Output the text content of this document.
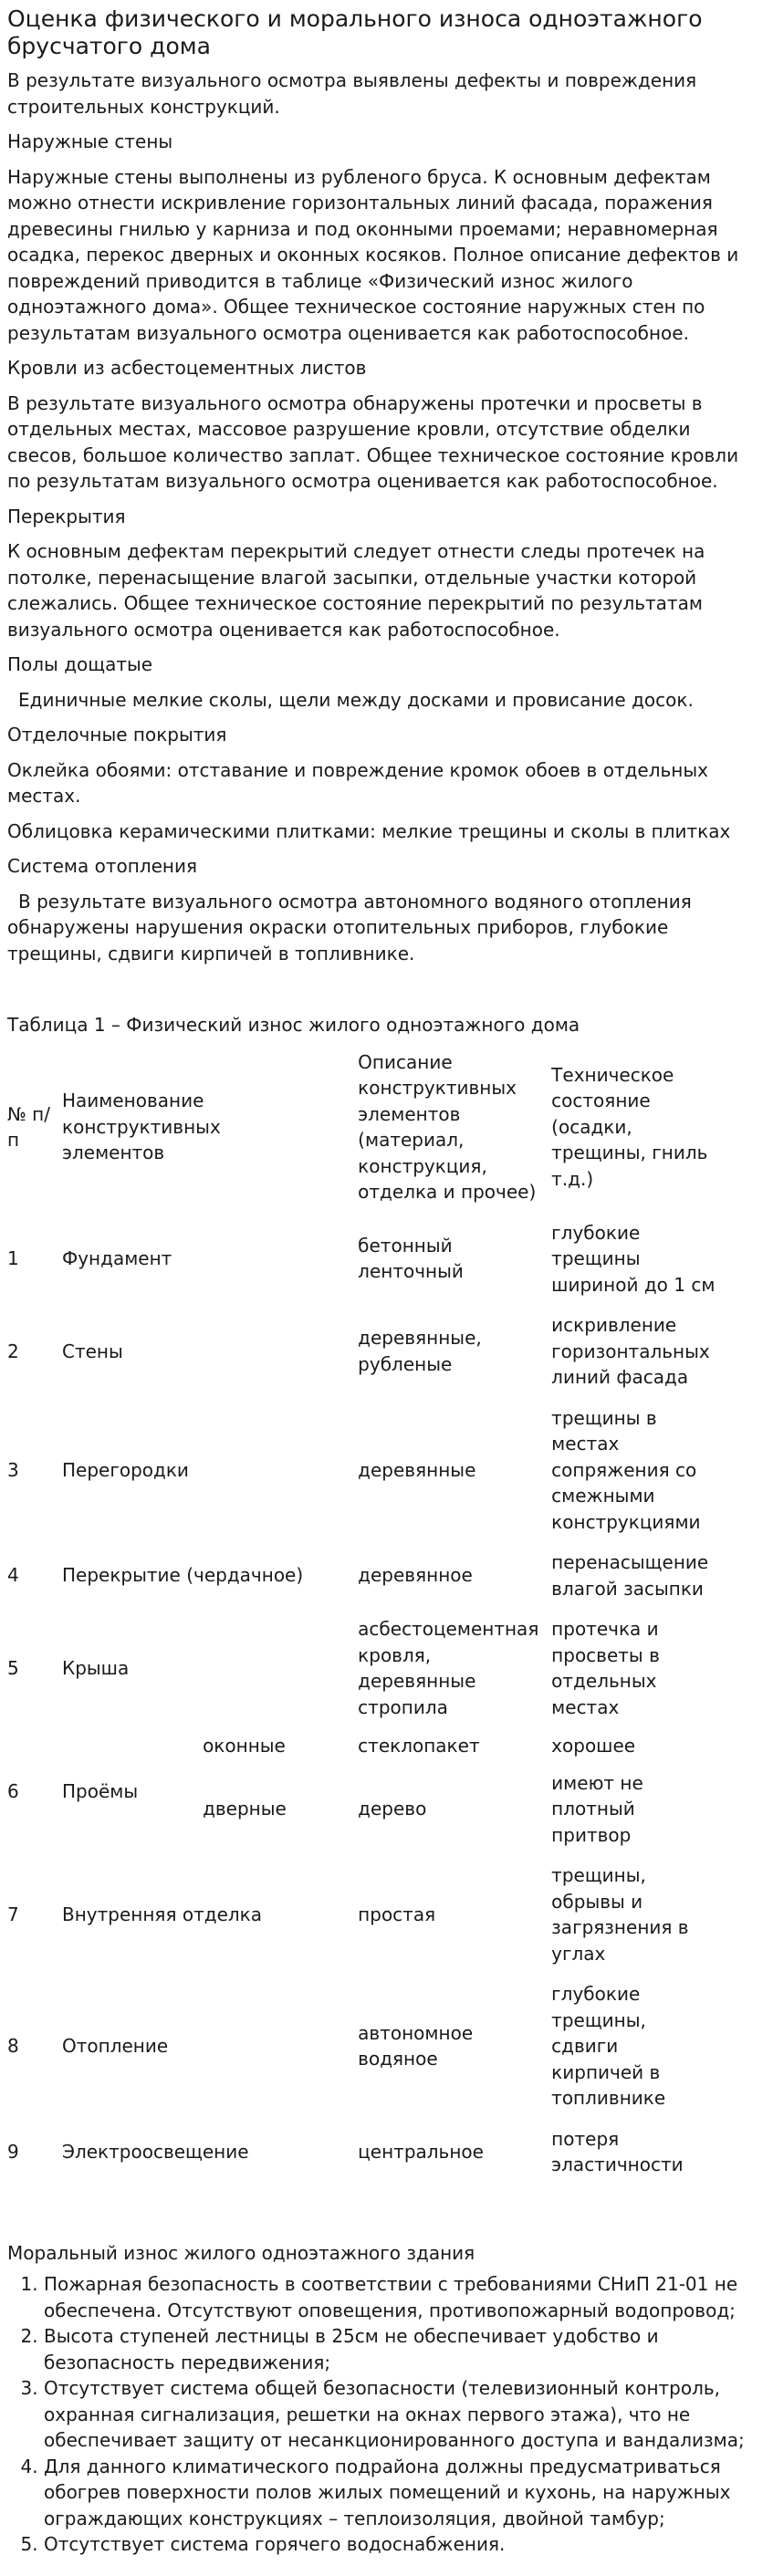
Оценка физического и морального износа одноэтажного брусчатого дома

В результате визуального осмотра выявлены дефекты и повреждения строительных конструкций.

Наружные стены

Наружные стены выполнены из рубленого бруса. К основным дефектам можно отнести искривление горизонтальных линий фасада, поражения древесины гнилью у карниза и под оконными проемами; неравномерная осадка, перекос дверных и оконных косяков. Полное описание дефектов и повреждений приводится в таблице «Физический износ жилого одноэтажного дома». Общее техническое состояние наружных стен по результатам визуального осмотра оценивается как работоспособное.

Кровли из асбестоцементных листов

В результате визуального осмотра обнаружены протечки и просветы в отдельных местах, массовое разрушение кровли, отсутствие обделки свесов, большое количество заплат. Общее техническое состояние кровли по результатам визуального осмотра оценивается как работоспособное.

Перекрытия

К основным дефектам перекрытий следует отнести следы протечек на потолке, перенасыщение влагой засыпки, отдельные участки которой слежались. Общее техническое состояние перекрытий по результатам визуального осмотра оценивается как работоспособное.

Полы дощатые

Единичные мелкие сколы, щели между досками и провисание досок.

Отделочные покрытия

Оклейка обоями: отставание и повреждение кромок обоев в отдельных местах.

Облицовка керамическими плитками: мелкие трещины и сколы в плитках

Система отопления

В результате визуального осмотра автономного водяного отопления обнаружены нарушения окраски отопительных приборов, глубокие трещины, сдвиги кирпичей в топливнике.

Таблица 1 – Физический износ жилого одноэтажного дома

№ п/п	Наименование конструктивных элементов		Описание конструктивных элементов (материал, конструкция, отделка и прочее)	Техническое состояние (осадки, трещины, гниль т.д.)
1	Фундамент		бетонный ленточный	глубокие трещины шириной до 1 см
2	Стены		деревянные, рубленые	искривление горизонтальных линий фасада
3	Перегородки		деревянные	трещины в местах сопряжения со смежными конструкциями
4	Перекрытие (чердачное)		деревянное	перенасыщение влагой засыпки
5	Крыша		асбестоцементная кровля, деревянные стропила	протечка и просветы в отдельных местах
6	Проёмы	оконные	стеклопакет	хорошее
		дверные	дерево	имеют не плотный притвор
7	Внутренняя отделка		простая	трещины, обрывы и загрязнения в углах
8	Отопление		автономное водяное	глубокие трещины, сдвиги кирпичей в топливнике
9	Электроосвещение		центральное	потеря эластичности

Моральный износ жилого одноэтажного здания

1. Пожарная безопасность в соответствии с требованиями СНиП 21-01 не обеспечена. Отсутствуют оповещения, противопожарный водопровод;
2. Высота ступеней лестницы в 25см не обеспечивает удобство и безопасность передвижения;
3. Отсутствует система общей безопасности (телевизионный контроль, охранная сигнализация, решетки на окнах первого этажа), что не обеспечивает защиту от несанкционированного доступа и вандализма;
4. Для данного климатического подрайона должны предусматриваться обогрев поверхности полов жилых помещений и кухонь, на наружных ограждающих конструкциях – теплоизоляция, двойной тамбур;
5. Отсутствует система горячего водоснабжения.
